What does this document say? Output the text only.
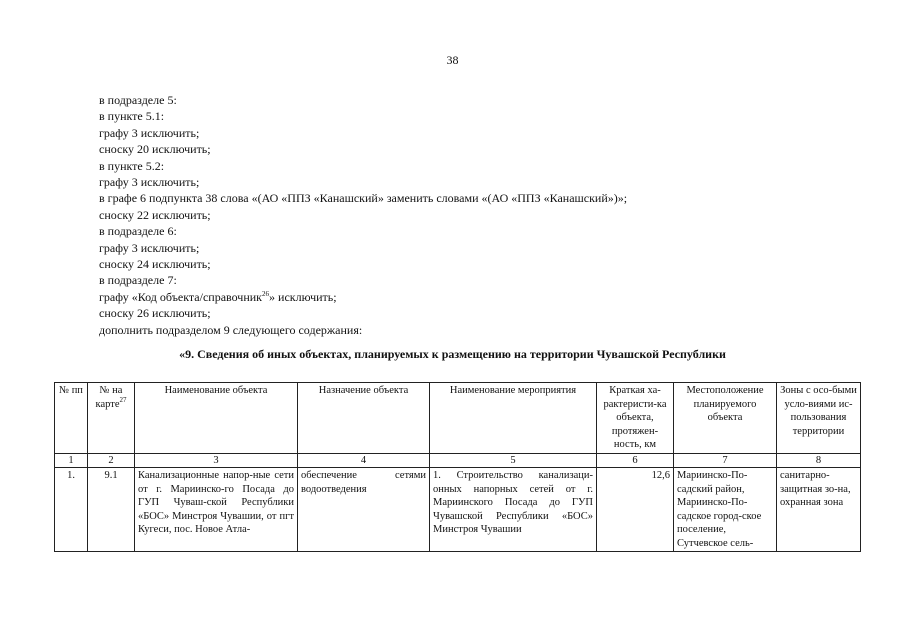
38
в подразделе 5:
в пункте 5.1:
графу 3 исключить;
сноску 20 исключить;
в пункте 5.2:
графу 3 исключить;
в графе 6 подпункта 38 слова «(АО «ППЗ «Канашский» заменить словами «(АО «ППЗ «Канашский»)»;
сноску 22 исключить;
в подразделе 6:
графу 3 исключить;
сноску 24 исключить;
в подразделе 7:
графу «Код объекта/справочник$^{26}$» исключить;
сноску 26 исключить;
дополнить подразделом 9 следующего содержания:
«9. Сведения об иных объектах, планируемых к размещению на территории Чувашской Республики
№ пп	№ на карте$^{27}$	Наименование объекта	Назначение объекта	Наименование мероприятия	Краткая ха-рактеристи-ка объекта, протяжен-ность, км	Местоположение планируемого объекта	Зоны с осо-быми усло-виями ис-пользования территории
1	2	3	4	5	6	7	8
1.	9.1	Канализационные напор-ные сети от г. Мариинско-го Посада до ГУП Чуваш-ской Республики «БОС» Минстроя Чувашии, от пгт Кугеси, пос. Новое Атла-	обеспечение сетями водоотведения	1. Строительство канализаци-онных напорных сетей от г. Мариинского Посада до ГУП Чувашской Республики «БОС» Минстроя Чувашии	12,6	Мариинско-По-садский район, Мариинско-По-садское город-ское поселение, Сутчевское сель-	санитарно-защитная зо-на, охранная зона
